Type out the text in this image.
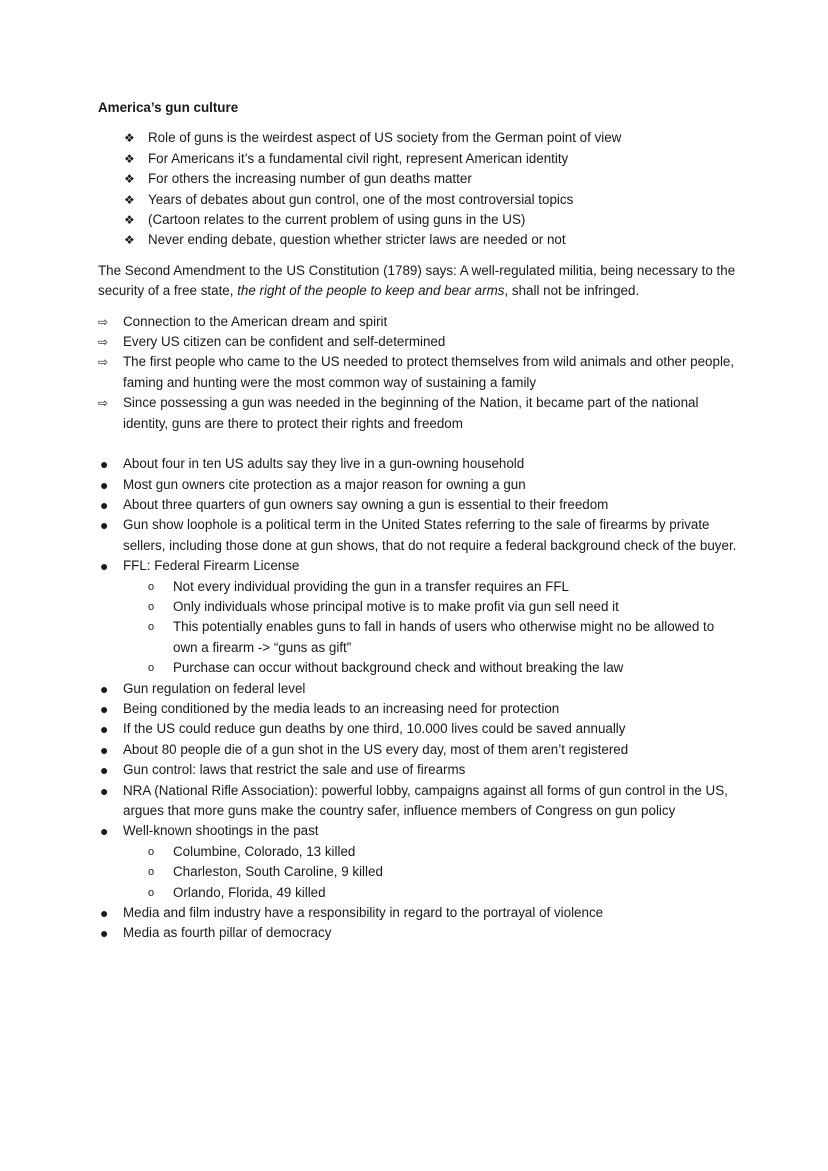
America’s gun culture
❖ Role of guns is the weirdest aspect of US society from the German point of view
❖ For Americans it’s a fundamental civil right, represent American identity
❖ For others the increasing number of gun deaths matter
❖ Years of debates about gun control, one of the most controversial topics
❖ (Cartoon relates to the current problem of using guns in the US)
❖ Never ending debate, question whether stricter laws are needed or not

The Second Amendment to the US Constitution (1789) says: A well-regulated militia, being necessary to the security of a free state, the right of the people to keep and bear arms, shall not be infringed.

⇨ Connection to the American dream and spirit
⇨ Every US citizen can be confident and self-determined
⇨ The first people who came to the US needed to protect themselves from wild animals and other people, faming and hunting were the most common way of sustaining a family
⇨ Since possessing a gun was needed in the beginning of the Nation, it became part of the national identity, guns are there to protect their rights and freedom
● About four in ten US adults say they live in a gun-owning household
● Most gun owners cite protection as a major reason for owning a gun
● About three quarters of gun owners say owning a gun is essential to their freedom
● Gun show loophole is a political term in the United States referring to the sale of firearms by private sellers, including those done at gun shows, that do not require a federal background check of the buyer.
● FFL: Federal Firearm License
o Not every individual providing the gun in a transfer requires an FFL
o Only individuals whose principal motive is to make profit via gun sell need it
o This potentially enables guns to fall in hands of users who otherwise might no be allowed to own a firearm -> “guns as gift”
o Purchase can occur without background check and without breaking the law
● Gun regulation on federal level
● Being conditioned by the media leads to an increasing need for protection
● If the US could reduce gun deaths by one third, 10.000 lives could be saved annually
● About 80 people die of a gun shot in the US every day, most of them aren’t registered
● Gun control: laws that restrict the sale and use of firearms
● NRA (National Rifle Association): powerful lobby, campaigns against all forms of gun control in the US, argues that more guns make the country safer, influence members of Congress on gun policy
● Well-known shootings in the past
o Columbine, Colorado, 13 killed
o Charleston, South Caroline, 9 killed
o Orlando, Florida, 49 killed
● Media and film industry have a responsibility in regard to the portrayal of violence
● Media as fourth pillar of democracy
